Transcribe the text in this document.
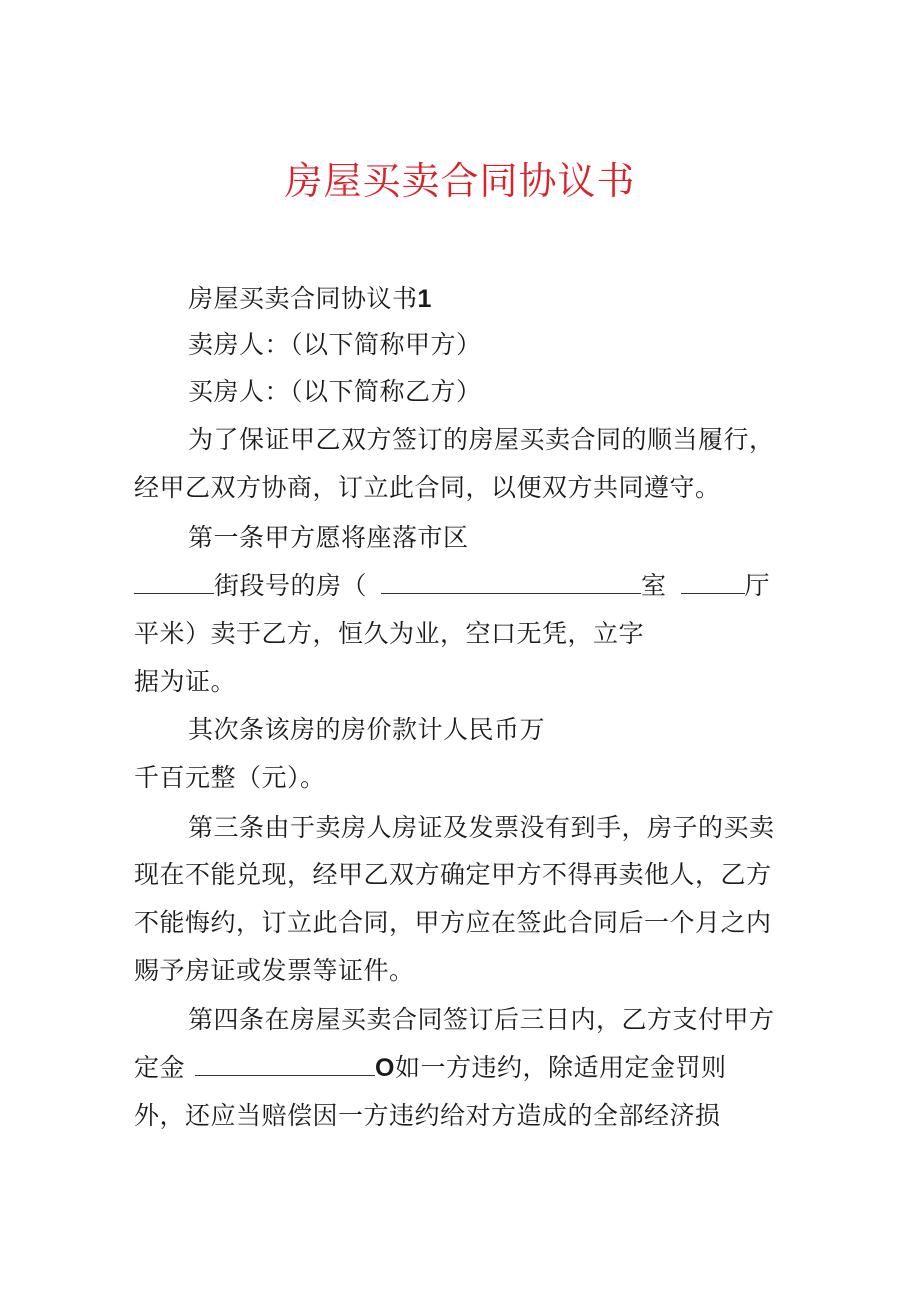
房屋买卖合同协议书
房屋买卖合同协议书1
卖房人：（以下简称甲方）
买房人：（以下简称乙方）
为了保证甲乙双方签订的房屋买卖合同的顺当履行，
经甲乙双方协商，订立此合同，以便双方共同遵守。
第一条甲方愿将座落市区
街段号的房（	室	厅
平米）卖于乙方，恒久为业，空口无凭，立字
据为证。
其次条该房的房价款计人民币万
千百元整（元）。
第三条由于卖房人房证及发票没有到手，房子的买卖
现在不能兑现，经甲乙双方确定甲方不得再卖他人，乙方
不能悔约，订立此合同，甲方应在签此合同后一个月之内
赐予房证或发票等证件。
第四条在房屋买卖合同签订后三日内，乙方支付甲方
定金	O如一方违约，除适用定金罚则
外，还应当赔偿因一方违约给对方造成的全部经济损
